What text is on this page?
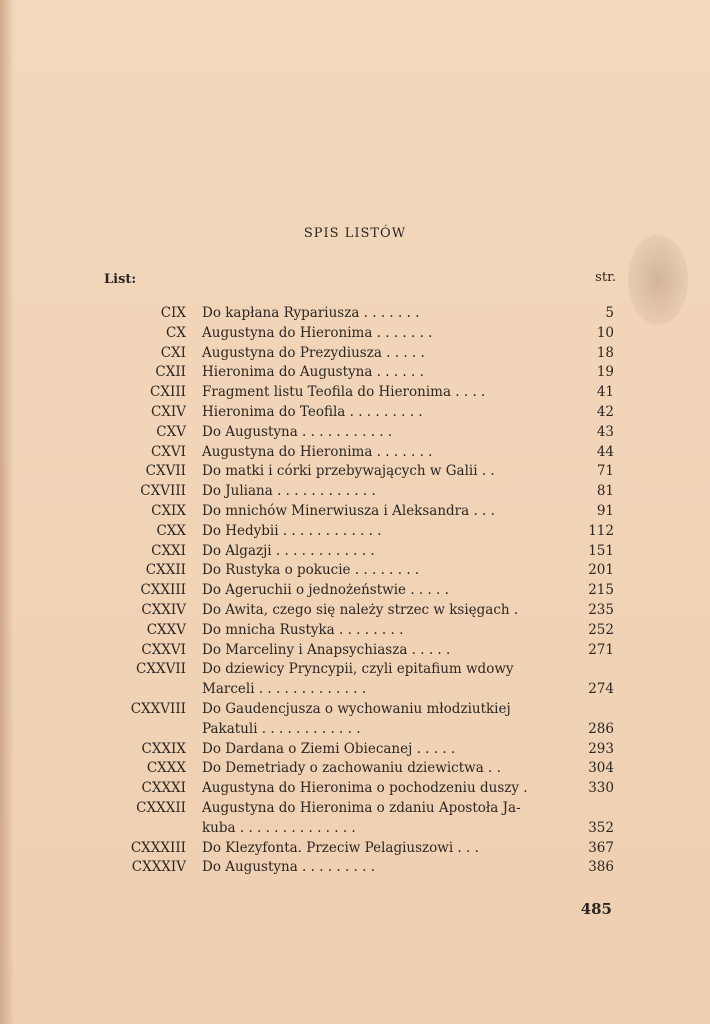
SPIS LISTÓW
List:	str.
CIX Do kapłana Rypariusza . . . . . . .	5
CX Augustyna do Hieronima . . . . . . .	10
CXI Augustyna do Prezydiusza . . . . .	18
CXII Hieronima do Augustyna . . . . . .	19
CXIII Fragment listu Teofila do Hieronima . . . .	41
CXIV Hieronima do Teofila . . . . . . . . .	42
CXV Do Augustyna . . . . . . . . . . .	43
CXVI Augustyna do Hieronima . . . . . . .	44
CXVII Do matki i córki przebywających w Galii . .	71
CXVIII Do Juliana . . . . . . . . . . . .	81
CXIX Do mnichów Minerwiusza i Aleksandra . . .	91
CXX Do Hedybii . . . . . . . . . . . .	112
CXXI Do Algazji . . . . . . . . . . . .	151
CXXII Do Rustyka o pokucie . . . . . . . .	201
CXXIII Do Ageruchii o jednożeństwie . . . . .	215
CXXIV Do Awita, czego się należy strzec w księgach .	235
CXXV Do mnicha Rustyka . . . . . . . .	252
CXXVI Do Marceliny i Anapsychiasza . . . . .	271
CXXVII Do dziewicy Pryncypii, czyli epitafium wdowy
Marceli . . . . . . . . . . . . .	274
CXXVIII Do Gaudencjusza o wychowaniu młodziutkiej
Pakatuli . . . . . . . . . . . .	286
CXXIX Do Dardana o Ziemi Obiecanej . . . . .	293
CXXX Do Demetriady o zachowaniu dziewictwa . .	304
CXXXI Augustyna do Hieronima o pochodzeniu duszy .	330
CXXXII Augustyna do Hieronima o zdaniu Apostoła Ja-
kuba . . . . . . . . . . . . . .	352
CXXXIII Do Klezyfonta. Przeciw Pelagiuszowi . . .	367
CXXXIV Do Augustyna . . . . . . . . .	386
485
